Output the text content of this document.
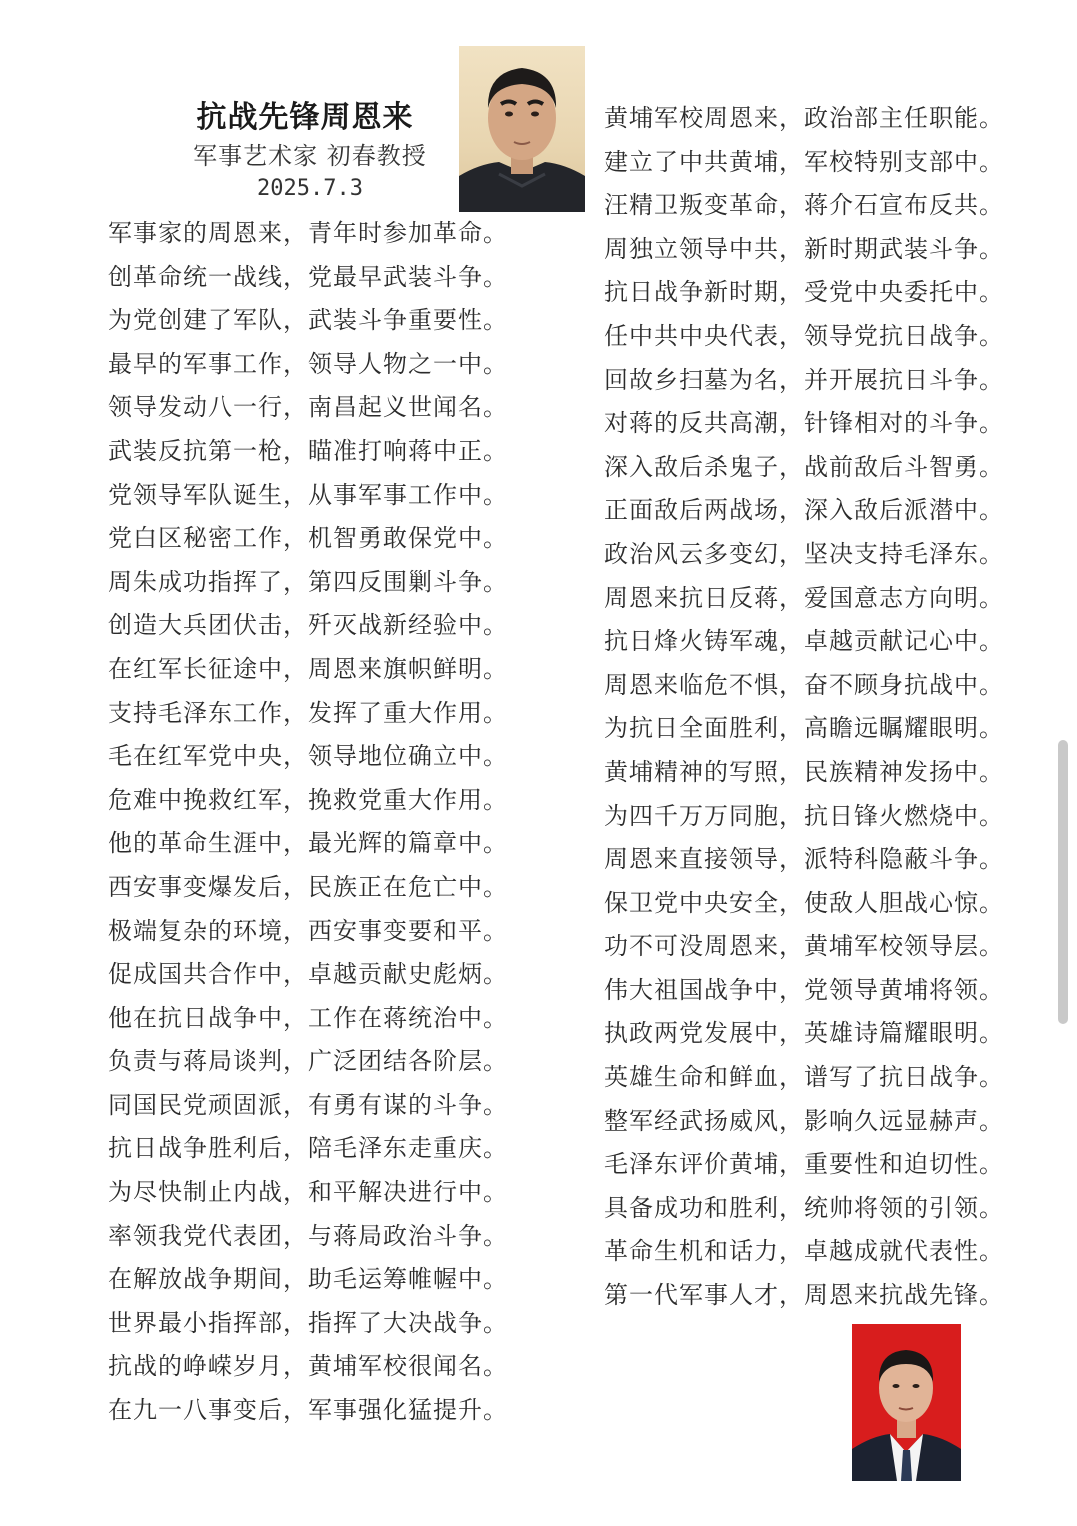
抗战先锋周恩来
军事艺术家 初春教授
2025.7.3
军事家的周恩来，青年时参加革命。
创革命统一战线，党最早武装斗争。
为党创建了军队，武装斗争重要性。
最早的军事工作，领导人物之一中。
领导发动八一行，南昌起义世闻名。
武装反抗第一枪，瞄准打响蒋中正。
党领导军队诞生，从事军事工作中。
党白区秘密工作，机智勇敢保党中。
周朱成功指挥了，第四反围剿斗争。
创造大兵团伏击，歼灭战新经验中。
在红军长征途中，周恩来旗帜鲜明。
支持毛泽东工作，发挥了重大作用。
毛在红军党中央，领导地位确立中。
危难中挽救红军，挽救党重大作用。
他的革命生涯中，最光辉的篇章中。
西安事变爆发后，民族正在危亡中。
极端复杂的环境，西安事变要和平。
促成国共合作中，卓越贡献史彪炳。
他在抗日战争中，工作在蒋统治中。
负责与蒋局谈判，广泛团结各阶层。
同国民党顽固派，有勇有谋的斗争。
抗日战争胜利后，陪毛泽东走重庆。
为尽快制止内战，和平解决进行中。
率领我党代表团，与蒋局政治斗争。
在解放战争期间，助毛运筹帷幄中。
世界最小指挥部，指挥了大决战争。
抗战的峥嵘岁月，黄埔军校很闻名。
在九一八事变后，军事强化猛提升。
黄埔军校周恩来，政治部主任职能。
建立了中共黄埔，军校特别支部中。
汪精卫叛变革命，蒋介石宣布反共。
周独立领导中共，新时期武装斗争。
抗日战争新时期，受党中央委托中。
任中共中央代表，领导党抗日战争。
回故乡扫墓为名，并开展抗日斗争。
对蒋的反共高潮，针锋相对的斗争。
深入敌后杀鬼子，战前敌后斗智勇。
正面敌后两战场，深入敌后派潜中。
政治风云多变幻，坚决支持毛泽东。
周恩来抗日反蒋，爱国意志方向明。
抗日烽火铸军魂，卓越贡献记心中。
周恩来临危不惧，奋不顾身抗战中。
为抗日全面胜利，高瞻远瞩耀眼明。
黄埔精神的写照，民族精神发扬中。
为四千万万同胞，抗日锋火燃烧中。
周恩来直接领导，派特科隐蔽斗争。
保卫党中央安全，使敌人胆战心惊。
功不可没周恩来，黄埔军校领导层。
伟大祖国战争中，党领导黄埔将领。
执政两党发展中，英雄诗篇耀眼明。
英雄生命和鲜血，谱写了抗日战争。
整军经武扬威风，影响久远显赫声。
毛泽东评价黄埔，重要性和迫切性。
具备成功和胜利，统帅将领的引领。
革命生机和话力，卓越成就代表性。
第一代军事人才，周恩来抗战先锋。
